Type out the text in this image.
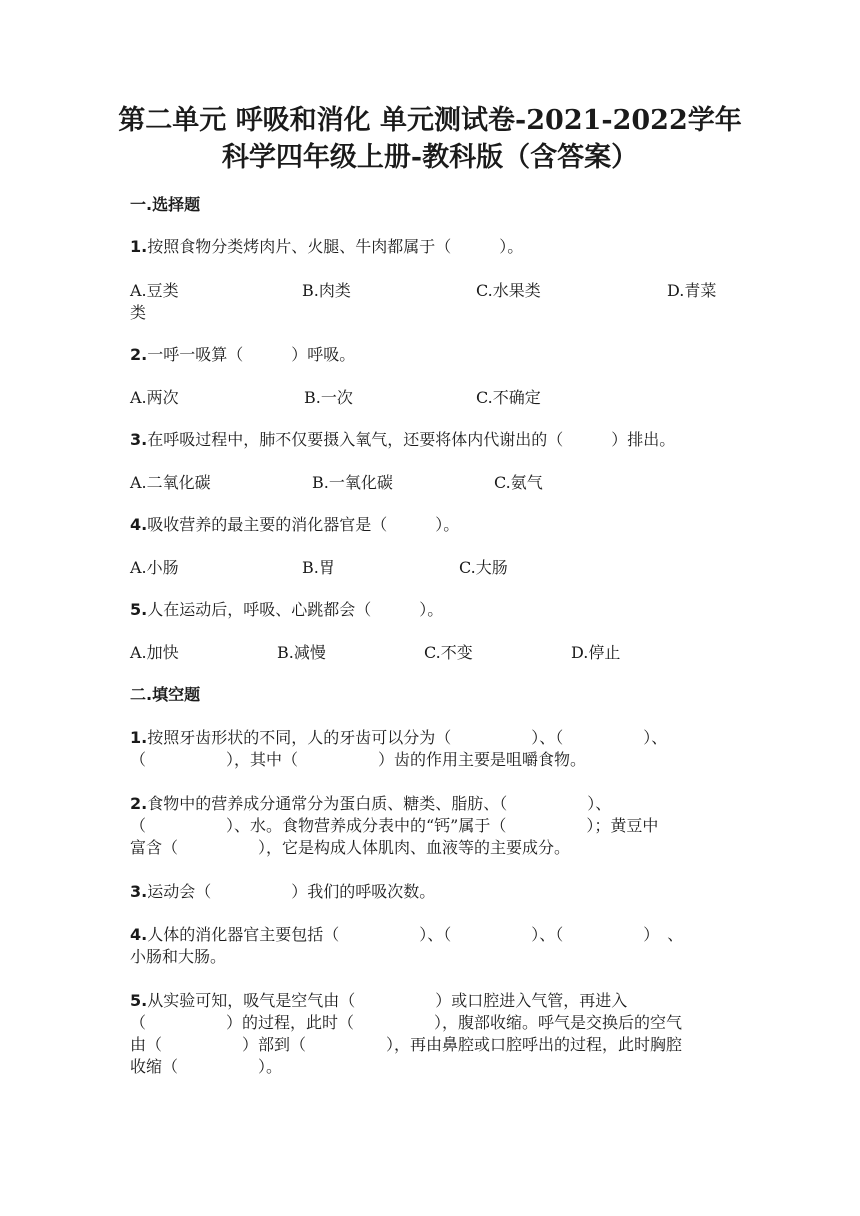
第二单元 呼吸和消化 单元测试卷-2021-2022学年
科学四年级上册-教科版（含答案）
一.选择题
1.按照食物分类烤肉片、火腿、牛肉都属于（　　　）。
A.豆类	B.肉类	C.水果类	D.青菜
类
2.一呼一吸算（　　　）呼吸。
A.两次	B.一次	C.不确定
3.在呼吸过程中，肺不仅要摄入氧气，还要将体内代谢出的（　　　）排出。
A.二氧化碳	B.一氧化碳	C.氨气
4.吸收营养的最主要的消化器官是（　　　）。
A.小肠	B.胃	C.大肠
5.人在运动后，呼吸、心跳都会（　　　）。
A.加快	B.减慢	C.不变	D.停止
二.填空题
1.按照牙齿形状的不同，人的牙齿可以分为（　　　　　）、（　　　　　）、
（　　　　　），其中（　　　　　）齿的作用主要是咀嚼食物。
2.食物中的营养成分通常分为蛋白质、糖类、脂肪、（　　　　　）、
（　　　　　）、水。食物营养成分表中的“钙”属于（　　　　　）；黄豆中
富含（　　　　　），它是构成人体肌肉、血液等的主要成分。
3.运动会（　　　　　）我们的呼吸次数。
4.人体的消化器官主要包括（　　　　　）、（　　　　　）、（　　　　　）　、
小肠和大肠。
5.从实验可知，吸气是空气由（　　　　　）或口腔进入气管，再进入
（　　　　　）的过程，此时（　　　　　），腹部收缩。呼气是交换后的空气
由（　　　　　）部到（　　　　　），再由鼻腔或口腔呼出的过程，此时胸腔
收缩（　　　　　）。
